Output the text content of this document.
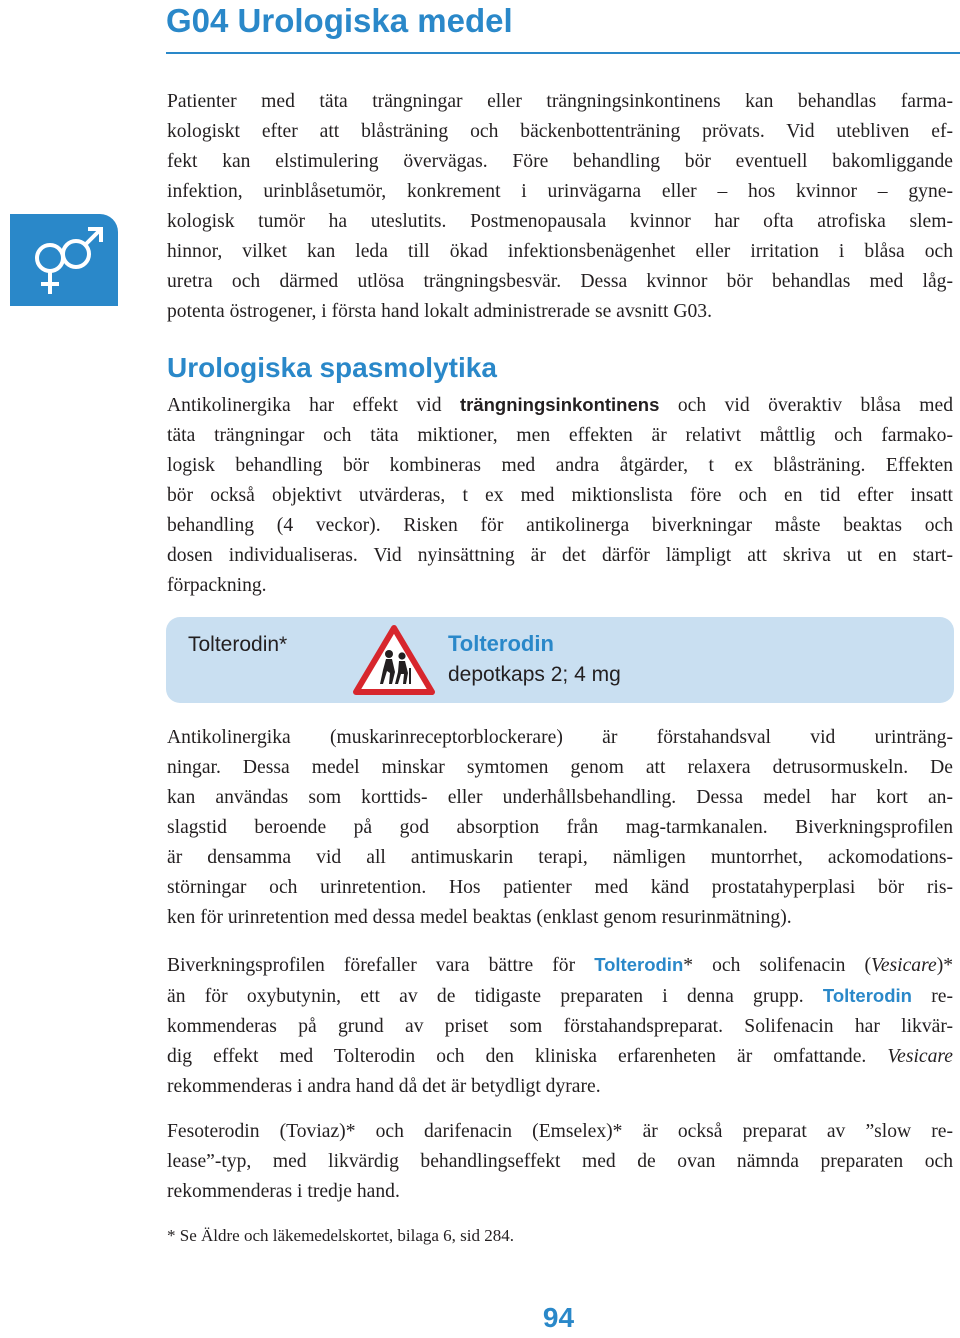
G04 Urologiska medel
Patienter med täta trängningar eller trängningsinkontinens kan behandlas farma-
kologiskt efter att blåsträning och bäckenbottenträning prövats. Vid utebliven ef-
fekt kan elstimulering övervägas. Före behandling bör eventuell bakomliggande
infektion, urinblåsetumör, konkrement i urinvägarna eller – hos kvinnor – gyne-
kologisk tumör ha uteslutits. Postmenopausala kvinnor har ofta atrofiska slem-
hinnor, vilket kan leda till ökad infektionsbenägenhet eller irritation i blåsa och
uretra och därmed utlösa trängningsbesvär. Dessa kvinnor bör behandlas med låg-
potenta östrogener, i första hand lokalt administrerade se avsnitt G03.
Urologiska spasmolytika
Antikolinergika har effekt vid trängningsinkontinens och vid överaktiv blåsa med
täta trängningar och täta miktioner, men effekten är relativt måttlig och farmako-
logisk behandling bör kombineras med andra åtgärder, t ex blåsträning. Effekten
bör också objektivt utvärderas, t ex med miktionslista före och en tid efter insatt
behandling (4 veckor). Risken för antikolinerga biverkningar måste beaktas och
dosen individualiseras. Vid nyinsättning är det därför lämpligt att skriva ut en start-
förpackning.
Tolterodin*	Tolterodin
depotkaps 2; 4 mg
Antikolinergika (muskarinreceptorblockerare) är förstahandsval vid urinträng-
ningar. Dessa medel minskar symtomen genom att relaxera detrusormuskeln. De
kan användas som korttids- eller underhållsbehandling. Dessa medel har kort an-
slagstid beroende på god absorption från mag-tarmkanalen. Biverkningsprofilen
är densamma vid all antimuskarin terapi, nämligen muntorrhet, ackomodations-
störningar och urinretention. Hos patienter med känd prostatahyperplasi bör ris-
ken för urinretention med dessa medel beaktas (enklast genom resurinmätning).
Biverkningsprofilen förefaller vara bättre för Tolterodin* och solifenacin (Vesicare)*
än för oxybutynin, ett av de tidigaste preparaten i denna grupp. Tolterodin re-
kommenderas på grund av priset som förstahandspreparat. Solifenacin har likvär-
dig effekt med Tolterodin och den kliniska erfarenheten är omfattande. Vesicare
rekommenderas i andra hand då det är betydligt dyrare.
Fesoterodin (Toviaz)* och darifenacin (Emselex)* är också preparat av ”slow re-
lease”-typ, med likvärdig behandlingseffekt med de ovan nämnda preparaten och
rekommenderas i tredje hand.
* Se Äldre och läkemedelskortet, bilaga 6, sid 284.
94
